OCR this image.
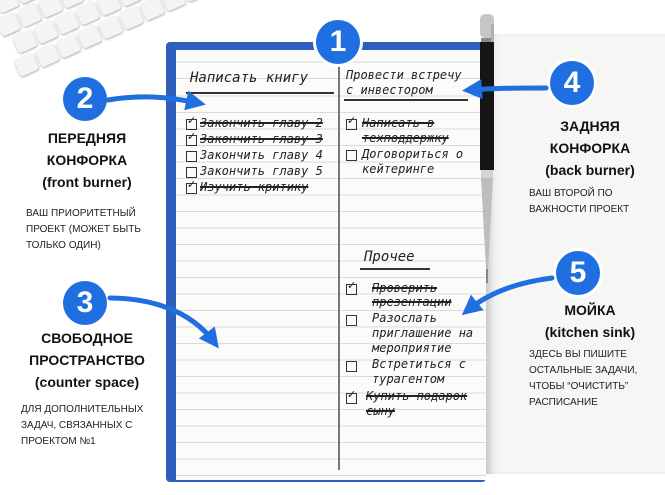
Написать книгу
✓ Закончить главу 2
✓ Закончить главу 3
Закончить главу 4
Закончить главу 5
✓ Изучить критику
Провести встречу
с инвестором
✓ Написать в
техподдержку
Договориться о
кейтеринге
Прочее
✓ Проверить
презентации
Разослать
приглашение на
мероприятие
Встретиться с
турагентом
✓ Купить подарок
сыну
1
2
3
4
5
ПЕРЕДНЯЯ
КОНФОРКА
(front burner)
ВАШ ПРИОРИТЕТНЫЙ
ПРОЕКТ (МОЖЕТ БЫТЬ
ТОЛЬКО ОДИН)
СВОБОДНОЕ
ПРОСТРАНСТВО
(counter space)
ДЛЯ ДОПОЛНИТЕЛЬНЫХ
ЗАДАЧ, СВЯЗАННЫХ С
ПРОЕКТОМ №1
ЗАДНЯЯ
КОНФОРКА
(back burner)
ВАШ ВТОРОЙ ПО
ВАЖНОСТИ ПРОЕКТ
МОЙКА
(kitchen sink)
ЗДЕСЬ ВЫ ПИШИТЕ
ОСТАЛЬНЫЕ ЗАДАЧИ,
ЧТОБЫ “ОЧИСТИТЬ”
РАСПИСАНИЕ
